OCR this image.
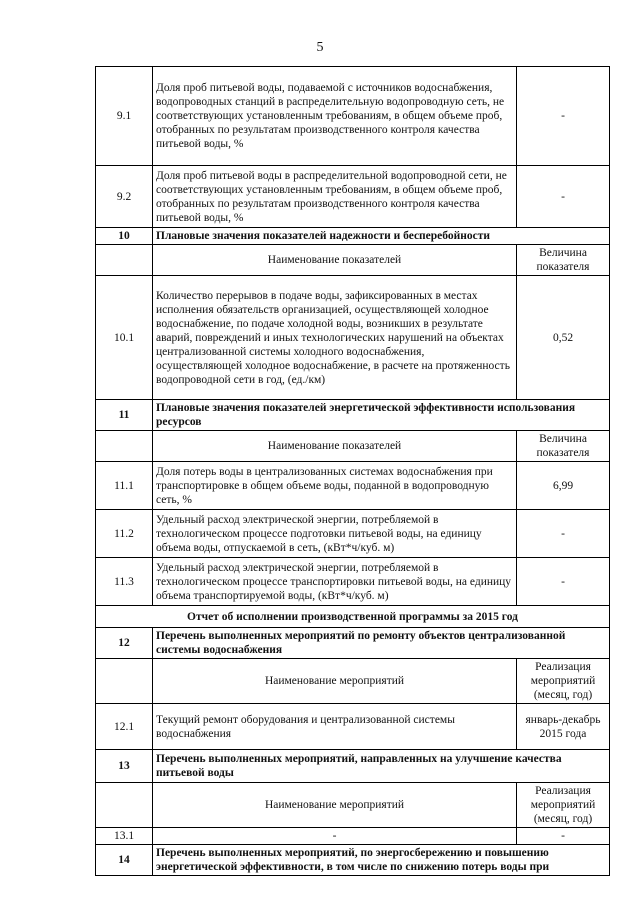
5
9.1	Доля проб питьевой воды, подаваемой с источников водоснабжения, водопроводных станций в распределительную водопроводную сеть, не соответствующих установленным требованиям, в общем объеме проб, отобранных по результатам производственного контроля качества питьевой воды, %	-
9.2	Доля проб питьевой воды в распределительной водопроводной сети, не соответствующих установленным требованиям, в общем объеме проб, отобранных по результатам производственного контроля качества питьевой воды, %	-
10	Плановые значения показателей надежности и бесперебойности	
	Наименование показателей	Величина показателя
10.1	Количество перерывов в подаче воды, зафиксированных в местах исполнения обязательств организацией, осуществляющей холодное водоснабжение, по подаче холодной воды, возникших в результате аварий, повреждений и иных технологических нарушений на объектах централизованной системы холодного водоснабжения, осуществляющей холодное водоснабжение, в расчете на протяженность водопроводной сети в год, (ед./км)	0,52
11	Плановые значения показателей энергетической эффективности использования ресурсов	
	Наименование показателей	Величина показателя
11.1	Доля потерь воды в централизованных системах водоснабжения при транспортировке в общем объеме воды, поданной в водопроводную сеть, %	6,99
11.2	Удельный расход электрической энергии, потребляемой в технологическом процессе подготовки питьевой воды, на единицу объема воды, отпускаемой в сеть, (кВт*ч/куб. м)	-
11.3	Удельный расход электрической энергии, потребляемой в технологическом процессе транспортировки питьевой воды, на единицу объема транспортируемой воды, (кВт*ч/куб. м)	-
Отчет об исполнении производственной программы за 2015 год		
12	Перечень выполненных мероприятий по ремонту объектов централизованной системы водоснабжения	
	Наименование мероприятий	Реализация мероприятий (месяц, год)
12.1	Текущий ремонт оборудования и централизованной системы водоснабжения	январь-декабрь 2015 года
13	Перечень выполненных мероприятий, направленных на улучшение качества питьевой воды	
	Наименование мероприятий	Реализация мероприятий (месяц, год)
13.1	-	-
14	Перечень выполненных мероприятий, по энергосбережению и повышению энергетической эффективности, в том числе по снижению потерь воды при	
